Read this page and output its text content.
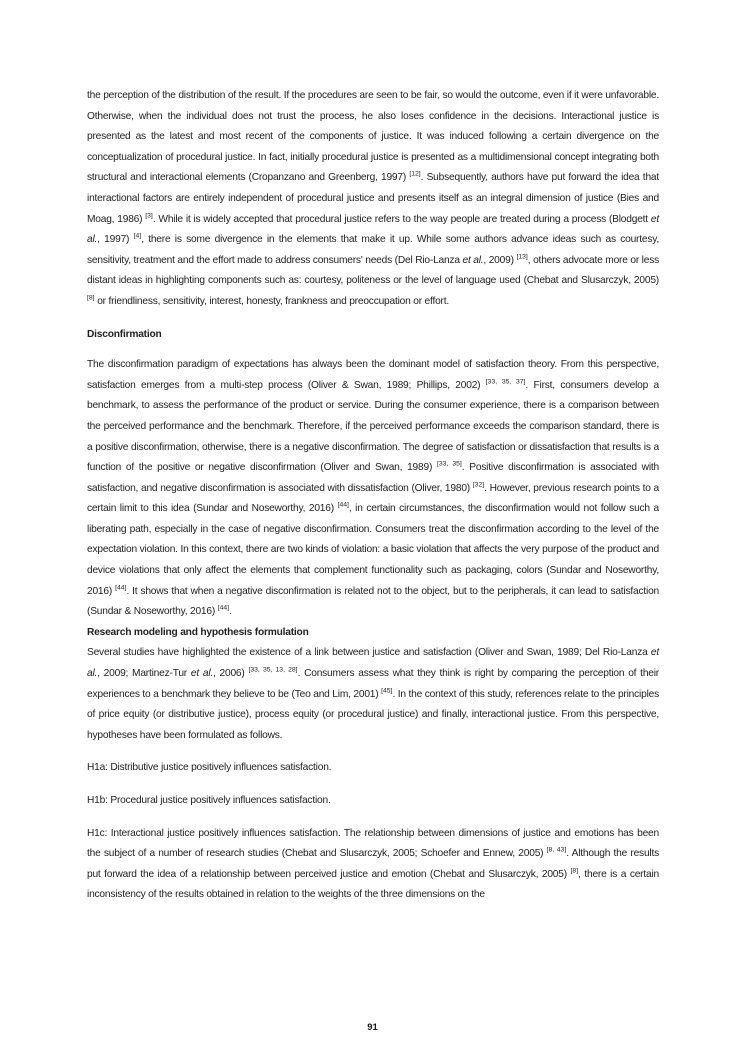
the perception of the distribution of the result. If the procedures are seen to be fair, so would the outcome, even if it were unfavorable. Otherwise, when the individual does not trust the process, he also loses confidence in the decisions. Interactional justice is presented as the latest and most recent of the components of justice. It was induced following a certain divergence on the conceptualization of procedural justice. In fact, initially procedural justice is presented as a multidimensional concept integrating both structural and interactional elements (Cropanzano and Greenberg, 1997) [12]. Subsequently, authors have put forward the idea that interactional factors are entirely independent of procedural justice and presents itself as an integral dimension of justice (Bies and Moag, 1986) [3]. While it is widely accepted that procedural justice refers to the way people are treated during a process (Blodgett et al., 1997) [4], there is some divergence in the elements that make it up. While some authors advance ideas such as courtesy, sensitivity, treatment and the effort made to address consumers' needs (Del Rio-Lanza et al., 2009) [13], others advocate more or less distant ideas in highlighting components such as: courtesy, politeness or the level of language used (Chebat and Slusarczyk, 2005) [8] or friendliness, sensitivity, interest, honesty, frankness and preoccupation or effort.
Disconfirmation
The disconfirmation paradigm of expectations has always been the dominant model of satisfaction theory. From this perspective, satisfaction emerges from a multi-step process (Oliver & Swan, 1989; Phillips, 2002) [33, 35, 37]. First, consumers develop a benchmark, to assess the performance of the product or service. During the consumer experience, there is a comparison between the perceived performance and the benchmark. Therefore, if the perceived performance exceeds the comparison standard, there is a positive disconfirmation, otherwise, there is a negative disconfirmation. The degree of satisfaction or dissatisfaction that results is a function of the positive or negative disconfirmation (Oliver and Swan, 1989) [33, 35]. Positive disconfirmation is associated with satisfaction, and negative disconfirmation is associated with dissatisfaction (Oliver, 1980) [32]. However, previous research points to a certain limit to this idea (Sundar and Noseworthy, 2016) [44], in certain circumstances, the disconfirmation would not follow such a liberating path, especially in the case of negative disconfirmation. Consumers treat the disconfirmation according to the level of the expectation violation. In this context, there are two kinds of violation: a basic violation that affects the very purpose of the product and device violations that only affect the elements that complement functionality such as packaging, colors (Sundar and Noseworthy, 2016) [44]. It shows that when a negative disconfirmation is related not to the object, but to the peripherals, it can lead to satisfaction (Sundar & Noseworthy, 2016) [44].
Research modeling and hypothesis formulation
Several studies have highlighted the existence of a link between justice and satisfaction (Oliver and Swan, 1989; Del Rio-Lanza et al., 2009; Martinez-Tur et al., 2006) [33, 35, 13, 28]. Consumers assess what they think is right by comparing the perception of their experiences to a benchmark they believe to be (Teo and Lim, 2001) [45]. In the context of this study, references relate to the principles of price equity (or distributive justice), process equity (or procedural justice) and finally, interactional justice. From this perspective, hypotheses have been formulated as follows.
H1a: Distributive justice positively influences satisfaction.
H1b: Procedural justice positively influences satisfaction.
H1c: Interactional justice positively influences satisfaction. The relationship between dimensions of justice and emotions has been the subject of a number of research studies (Chebat and Slusarczyk, 2005; Schoefer and Ennew, 2005) [8, 43]. Although the results put forward the idea of a relationship between perceived justice and emotion (Chebat and Slusarczyk, 2005) [8], there is a certain inconsistency of the results obtained in relation to the weights of the three dimensions on the
91
